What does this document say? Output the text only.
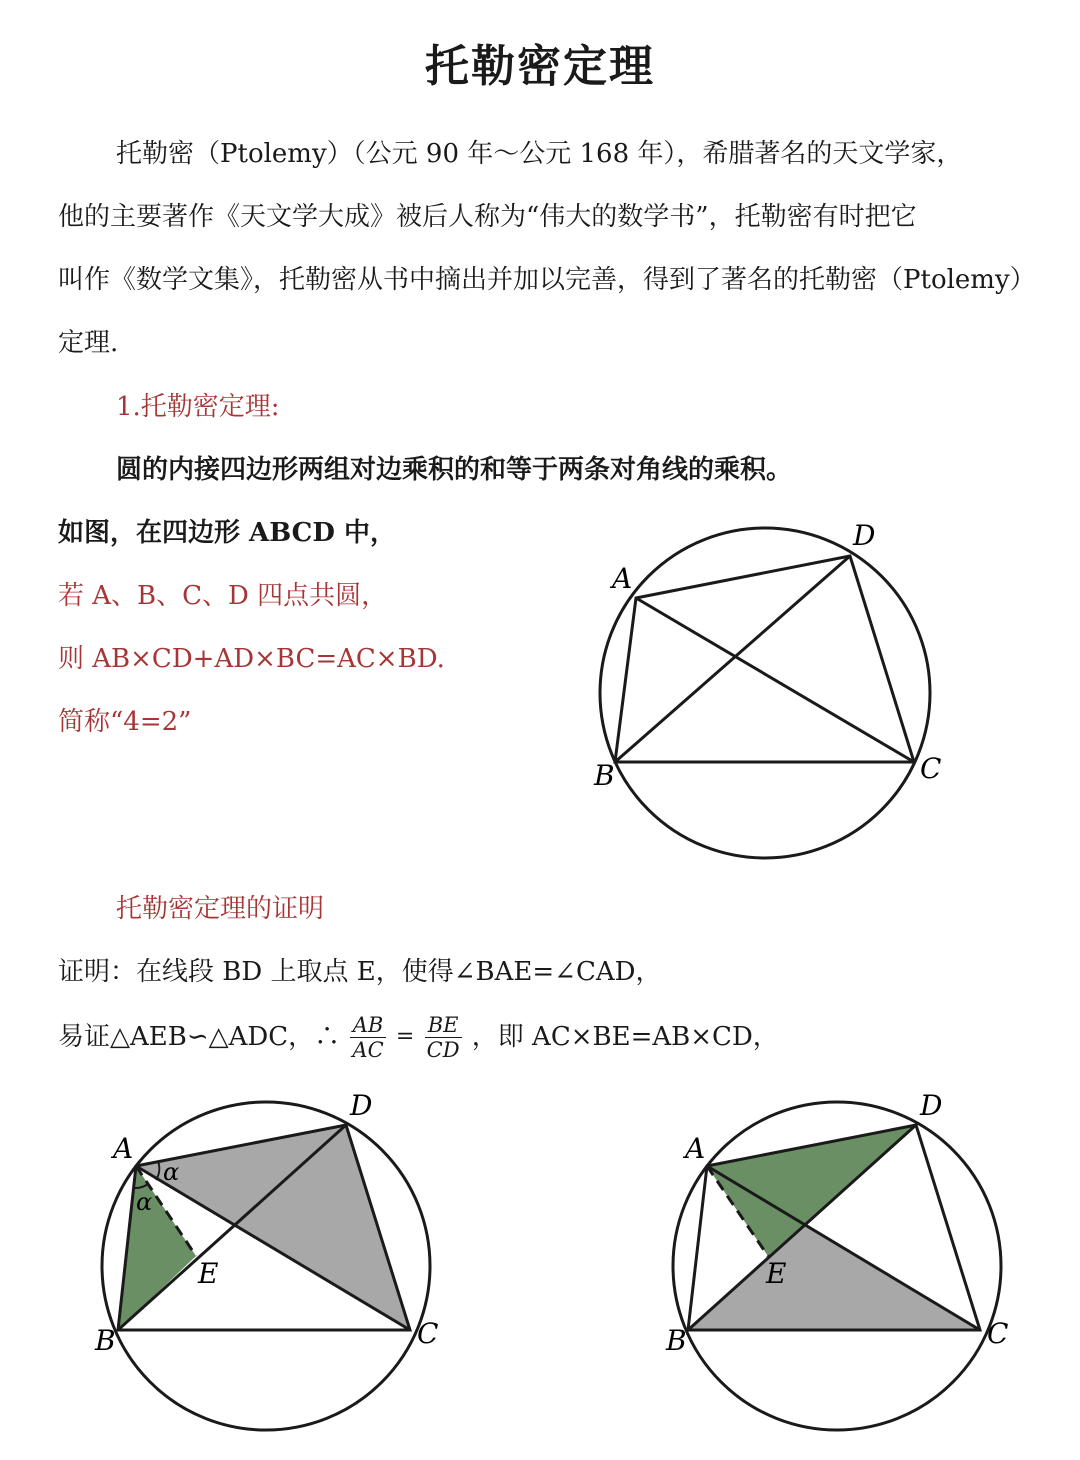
托勒密定理
托勒密（Ptolemy）（公元 90 年～公元 168 年），希腊著名的天文学家，
他的主要著作《天文学大成》被后人称为“伟大的数学书”，托勒密有时把它
叫作《数学文集》，托勒密从书中摘出并加以完善，得到了著名的托勒密（Ptolemy）
定理.
1.托勒密定理:
圆的内接四边形两组对边乘积的和等于两条对角线的乘积。
如图，在四边形 ABCD 中，
若 A、B、C、D 四点共圆，
则 AB×CD+AD×BC=AC×BD.
简称“4=2”
A
D
B	C
托勒密定理的证明
证明：在线段 BD 上取点 E，使得∠BAE=∠CAD，
易证△AEB∽△ADC，∴ $\frac{AB}{AC} = \frac{BE}{CD}$ ，即 AC×BE=AB×CD，
α
α
A
D
B	C
E
A
D
B	C
E
